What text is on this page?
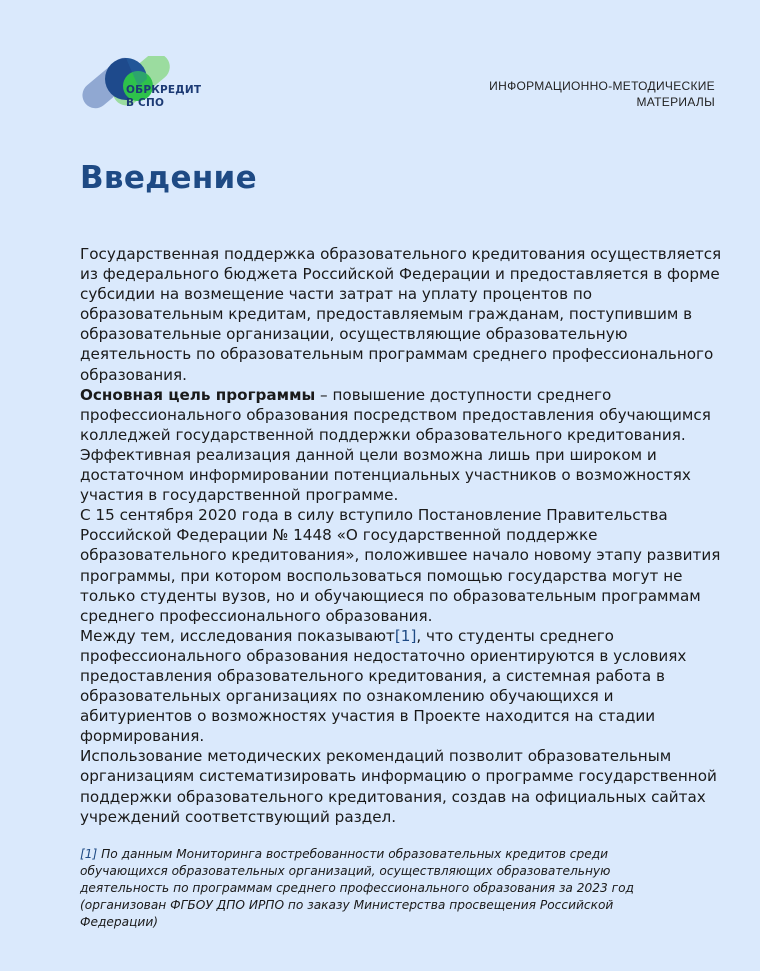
ОБРКРЕДИТ
В СПО
ИНФОРМАЦИОННО-МЕТОДИЧЕСКИЕ
МАТЕРИАЛЫ
Введение

Государственная поддержка образовательного кредитования осуществляется из федерального бюджета Российской Федерации и предоставляется в форме субсидии на возмещение части затрат на уплату процентов по образовательным кредитам, предоставляемым гражданам, поступившим в образовательные организации, осуществляющие образовательную деятельность по образовательным программам среднего профессионального образования.

Основная цель программы – повышение доступности среднего профессионального образования посредством предоставления обучающимся колледжей государственной поддержки образовательного кредитования. Эффективная реализация данной цели возможна лишь при широком и достаточном информировании потенциальных участников о возможностях участия в государственной программе.

С 15 сентября 2020 года в силу вступило Постановление Правительства Российской Федерации № 1448 «О государственной поддержке образовательного кредитования», положившее начало новому этапу развития программы, при котором воспользоваться помощью государства могут не только студенты вузов, но и обучающиеся по образовательным программам среднего профессионального образования.

Между тем, исследования показывают[1], что студенты среднего профессионального образования недостаточно ориентируются в условиях предоставления образовательного кредитования, а системная работа в образовательных организациях по ознакомлению обучающихся и абитуриентов о возможностях участия в Проекте находится на стадии формирования.

Использование методических рекомендаций позволит образовательным организациям систематизировать информацию о программе государственной поддержки образовательного кредитования, создав на официальных сайтах учреждений соответствующий раздел.

[1] По данным Мониторинга востребованности образовательных кредитов среди обучающихся образовательных организаций, осуществляющих образовательную деятельность по программам среднего профессионального образования за 2023 год (организован ФГБОУ ДПО ИРПО по заказу Министерства просвещения Российской Федерации)
